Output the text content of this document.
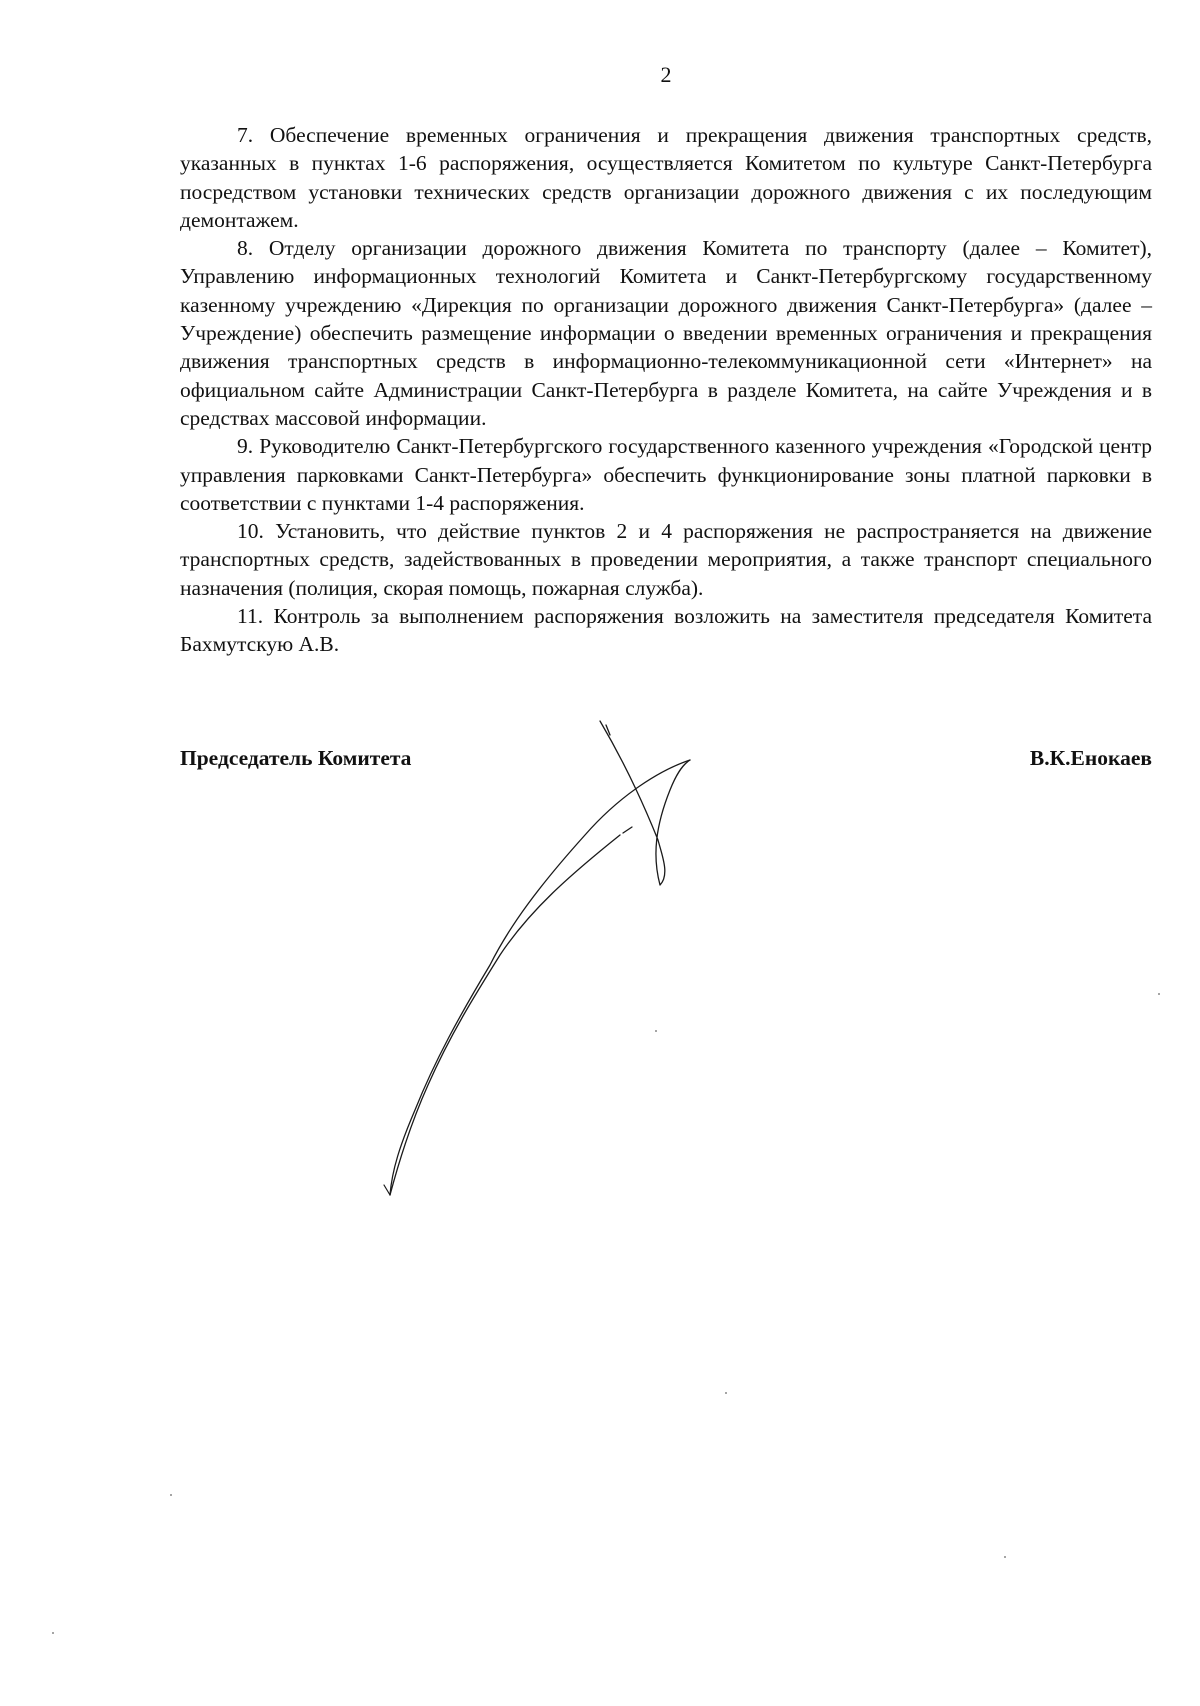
2

7. Обеспечение временных ограничения и прекращения движения транспортных средств, указанных в пунктах 1-6 распоряжения, осуществляется Комитетом по культуре Санкт-Петербурга посредством установки технических средств организации дорожного движения с их последующим демонтажем.

8. Отделу организации дорожного движения Комитета по транспорту (далее – Комитет), Управлению информационных технологий Комитета и Санкт-Петербургскому государственному казенному учреждению «Дирекция по организации дорожного движения Санкт-Петербурга» (далее – Учреждение) обеспечить размещение информации о введении временных ограничения и прекращения движения транспортных средств в информационно-телекоммуникационной сети «Интернет» на официальном сайте Администрации Санкт-Петербурга в разделе Комитета, на сайте Учреждения и в средствах массовой информации.

9. Руководителю Санкт-Петербургского государственного казенного учреждения «Городской центр управления парковками Санкт-Петербурга» обеспечить функционирование зоны платной парковки в соответствии с пунктами 1-4 распоряжения.

10. Установить, что действие пунктов 2 и 4 распоряжения не распространяется на движение транспортных средств, задействованных в проведении мероприятия, а также транспорт специального назначения (полиция, скорая помощь, пожарная служба).

11. Контроль за выполнением распоряжения возложить на заместителя председателя Комитета Бахмутскую А.В.

Председатель Комитета	В.К.Енокаев
